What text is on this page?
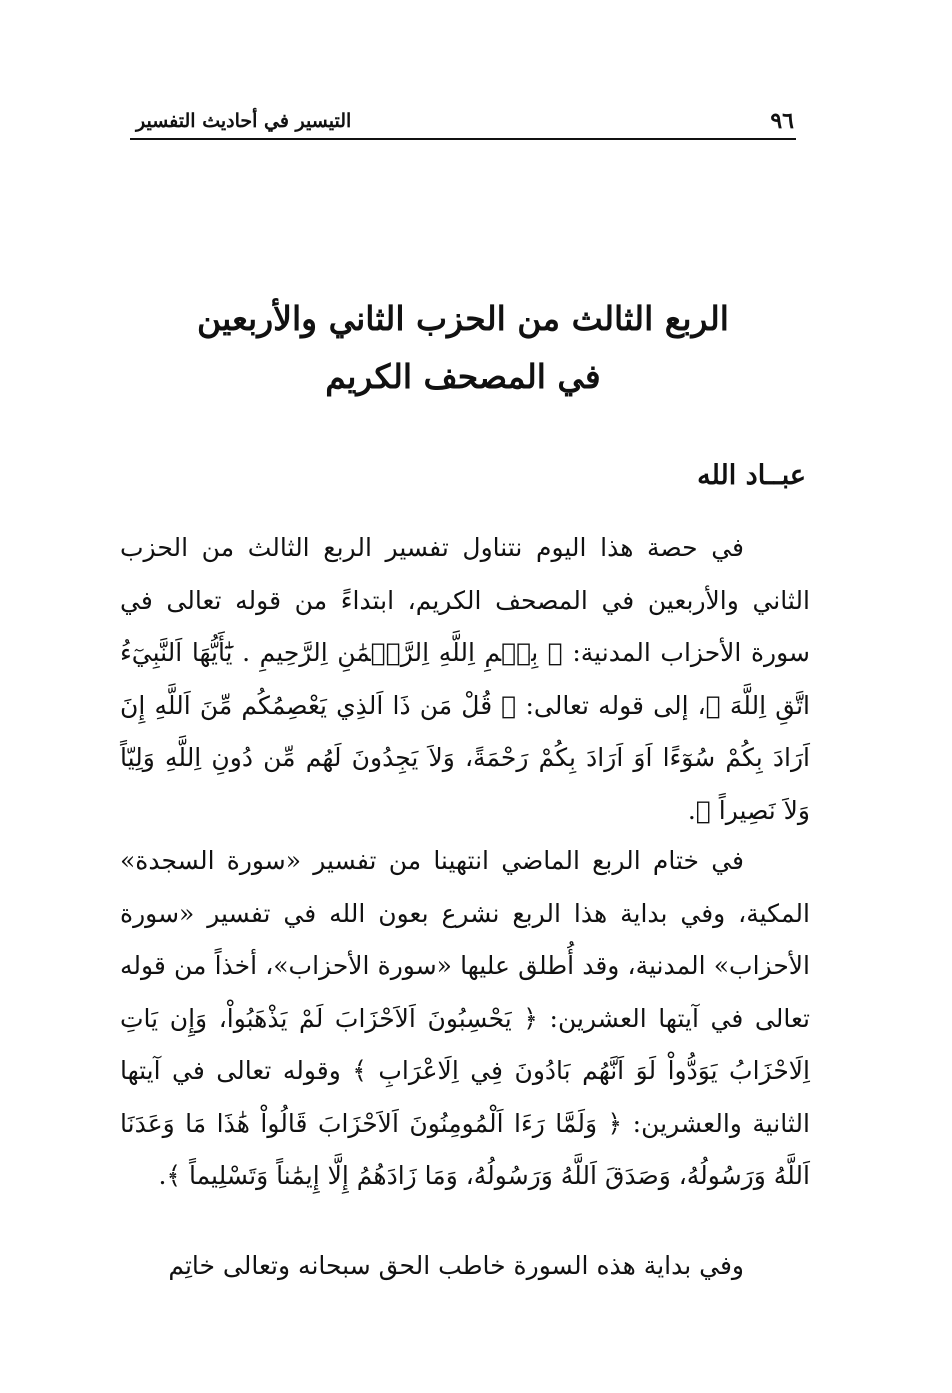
٩٦
التيسير في أحاديث التفسير
الربع الثالث من الحزب الثاني والأربعين
في المصحف الكريم
عبــاد الله

في حصة هذا اليوم نتناول تفسير الربع الثالث من الحزب الثاني والأربعين في المصحف الكريم، ابتداءً من قوله تعالى في سورة الأحزاب المدنية: ﴿ بِسۡمِ اِللَّهِ اِلرَّحۡمَٰنِ اِلرَّحِيمِ . يَٰٓأَيُّهَا اَلنَّبِيٓءُ اتَّقِ اِللَّهَ ﴾، إلى قوله تعالى: ﴿ قُلْ مَن ذَا اَلذِي يَعْصِمُكُم مِّنَ اَللَّهِ إِنَ اَرَادَ بِكُمْ سُوٓءًا اَوَ اَرَادَ بِكُمْ رَحْمَةً، وَلاَ يَجِدُونَ لَهُم مِّن دُونِ اِللَّهِ وَلِيّاً وَلاَ نَصِيراً ﴾.

في ختام الربع الماضي انتهينا من تفسير «سورة السجدة» المكية، وفي بداية هذا الربع نشرع بعون الله في تفسير «سورة الأحزاب» المدنية، وقد أُطلق عليها «سورة الأحزاب»، أخذاً من قوله تعالى في آيتها العشرين: ﴿ يَحْسِبُونَ اَلاَحْزَابَ لَمْ يَذْهَبُواْ، وَإِن يَاتِ اِلَاحْزَابُ يَوَدُّواْ لَوَ اَنَّهُم بَادُونَ فِي اِلَاعْرَابِ ﴾ وقوله تعالى في آيتها الثانية والعشرين: ﴿ وَلَمَّا رَءَا اَلْمُومِنُونَ اَلاَحْزَابَ قَالُواْ هَٰذَا مَا وَعَدَنَا اَللَّهُ وَرَسُولُهُ، وَصَدَقَ اَللَّهُ وَرَسُولُهُ، وَمَا زَادَهُمُ إِلَّا إِيمَٰناً وَتَسْلِيماً ﴾.

وفي بداية هذه السورة خاطب الحق سبحانه وتعالى خاتِم
